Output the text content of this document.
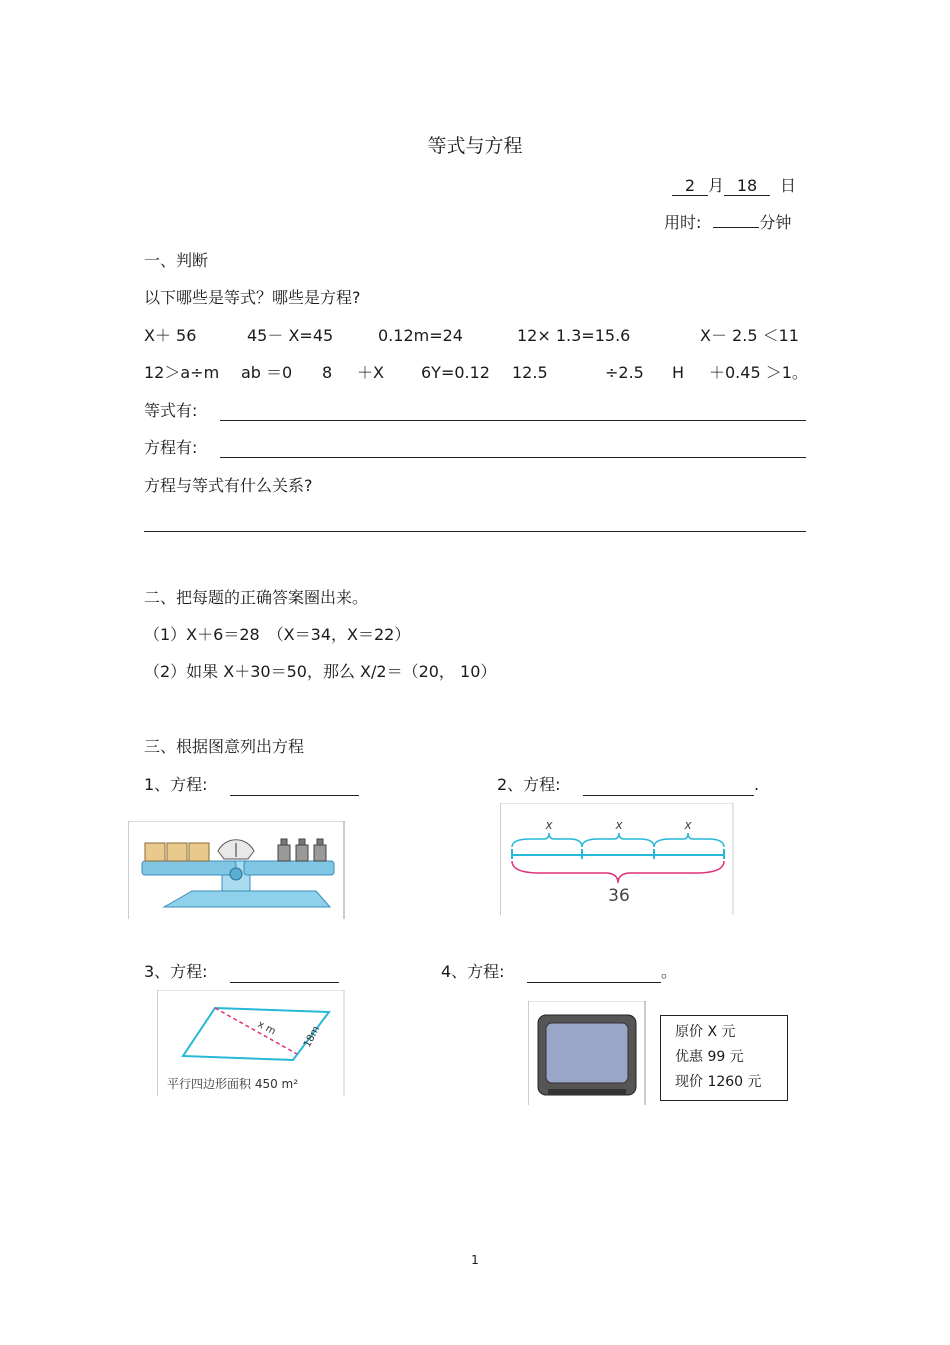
等式与方程
2 月 18 日
用时:	分钟
一、判断
以下哪些是等式？哪些是方程?
X＋ 56	45－ X=45	0.12m=24	12× 1.3=15.6	X－ 2.5 ＜11
12＞a÷m ab ＝0 8 ＋X 6Y=0.12 12.5	÷2.5 H ＋0.45 ＞1。
等式有:
方程有:
方程与等式有什么关系?
二、把每题的正确答案圈出来。
（1）X＋6＝28　（X＝34，X＝22）
（2）如果 X＋30＝50，那么 X/2＝（20， 10）
三、根据图意列出方程
1、方程:	2、方程:	.
x	x	x
36
3、方程:	4、方程:	。
x m 18m
平行四边形面积 450 m²
原价 X 元
优惠 99 元
现价 1260 元
1
